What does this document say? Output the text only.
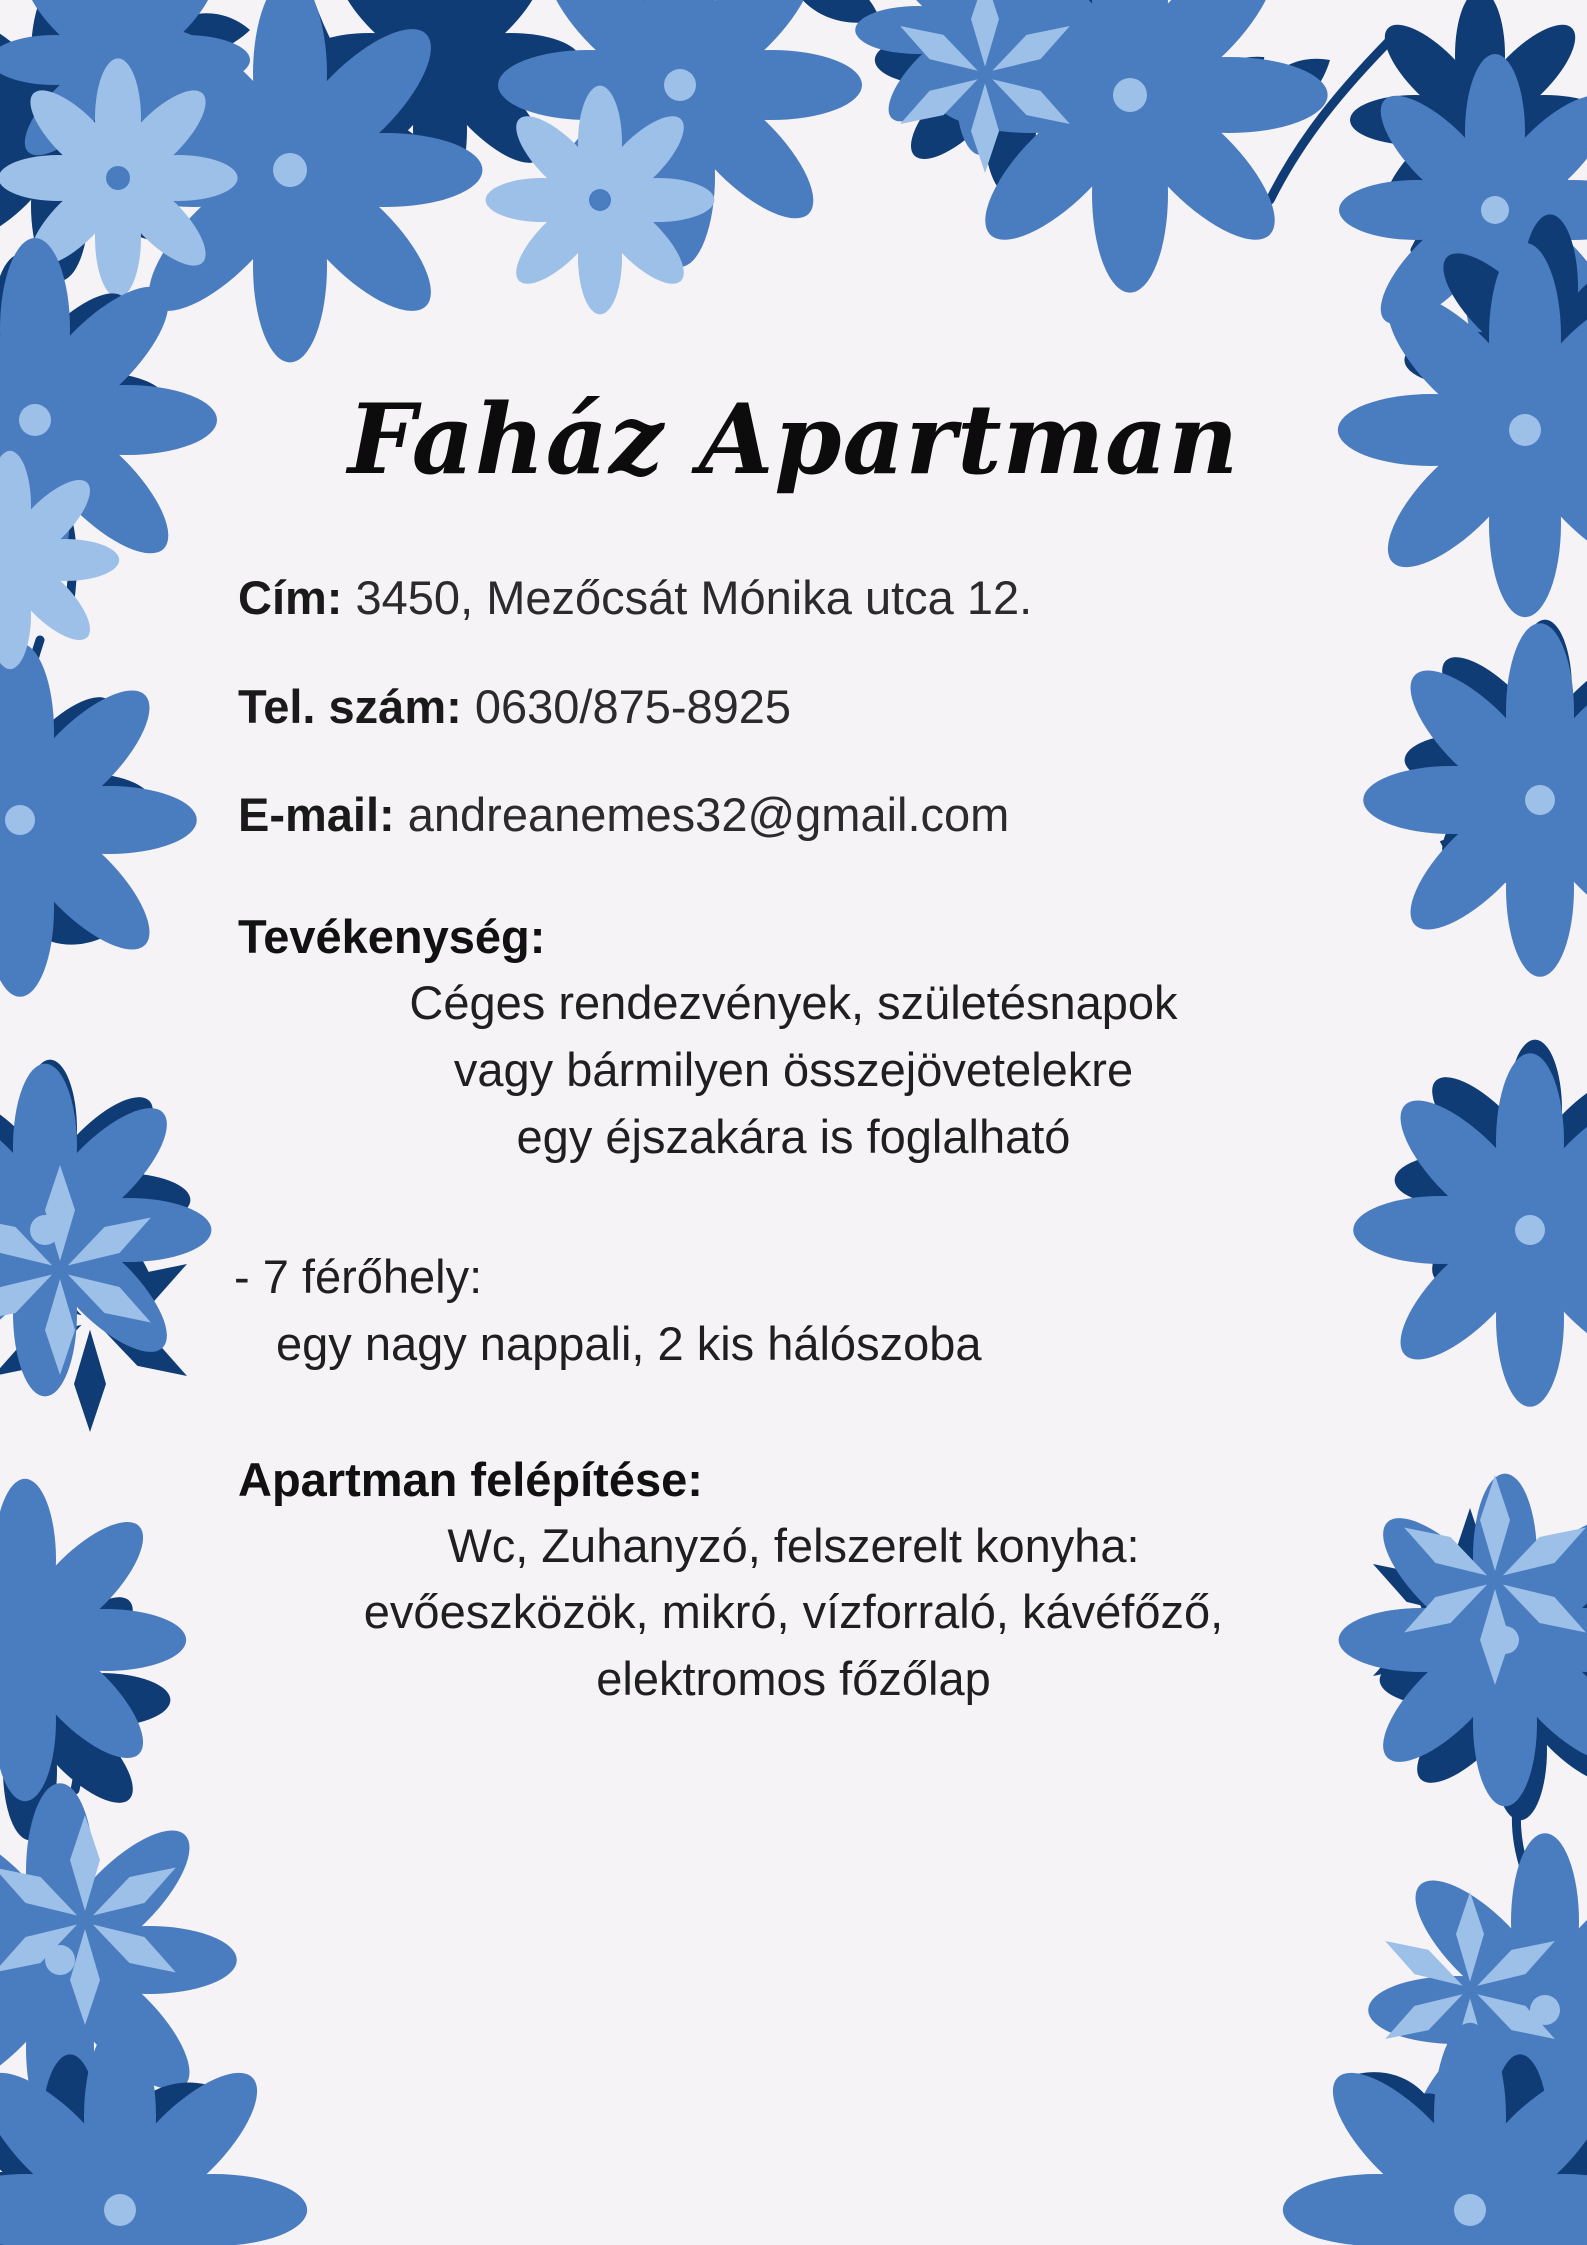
Faház Apartman
Cím: 3450, Mezőcsát Mónika utca 12.
Tel. szám: 0630/875-8925
E-mail: andreanemes32@gmail.com
Tevékenység:
Céges rendezvények, születésnapok
vagy bármilyen összejövetelekre
egy éjszakára is foglalható
- 7 férőhely:
egy nagy nappali, 2 kis hálószoba
Apartman felépítése:
Wc, Zuhanyzó, felszerelt konyha:
evőeszközök, mikró, vízforraló, kávéfőző,
elektromos főzőlap
